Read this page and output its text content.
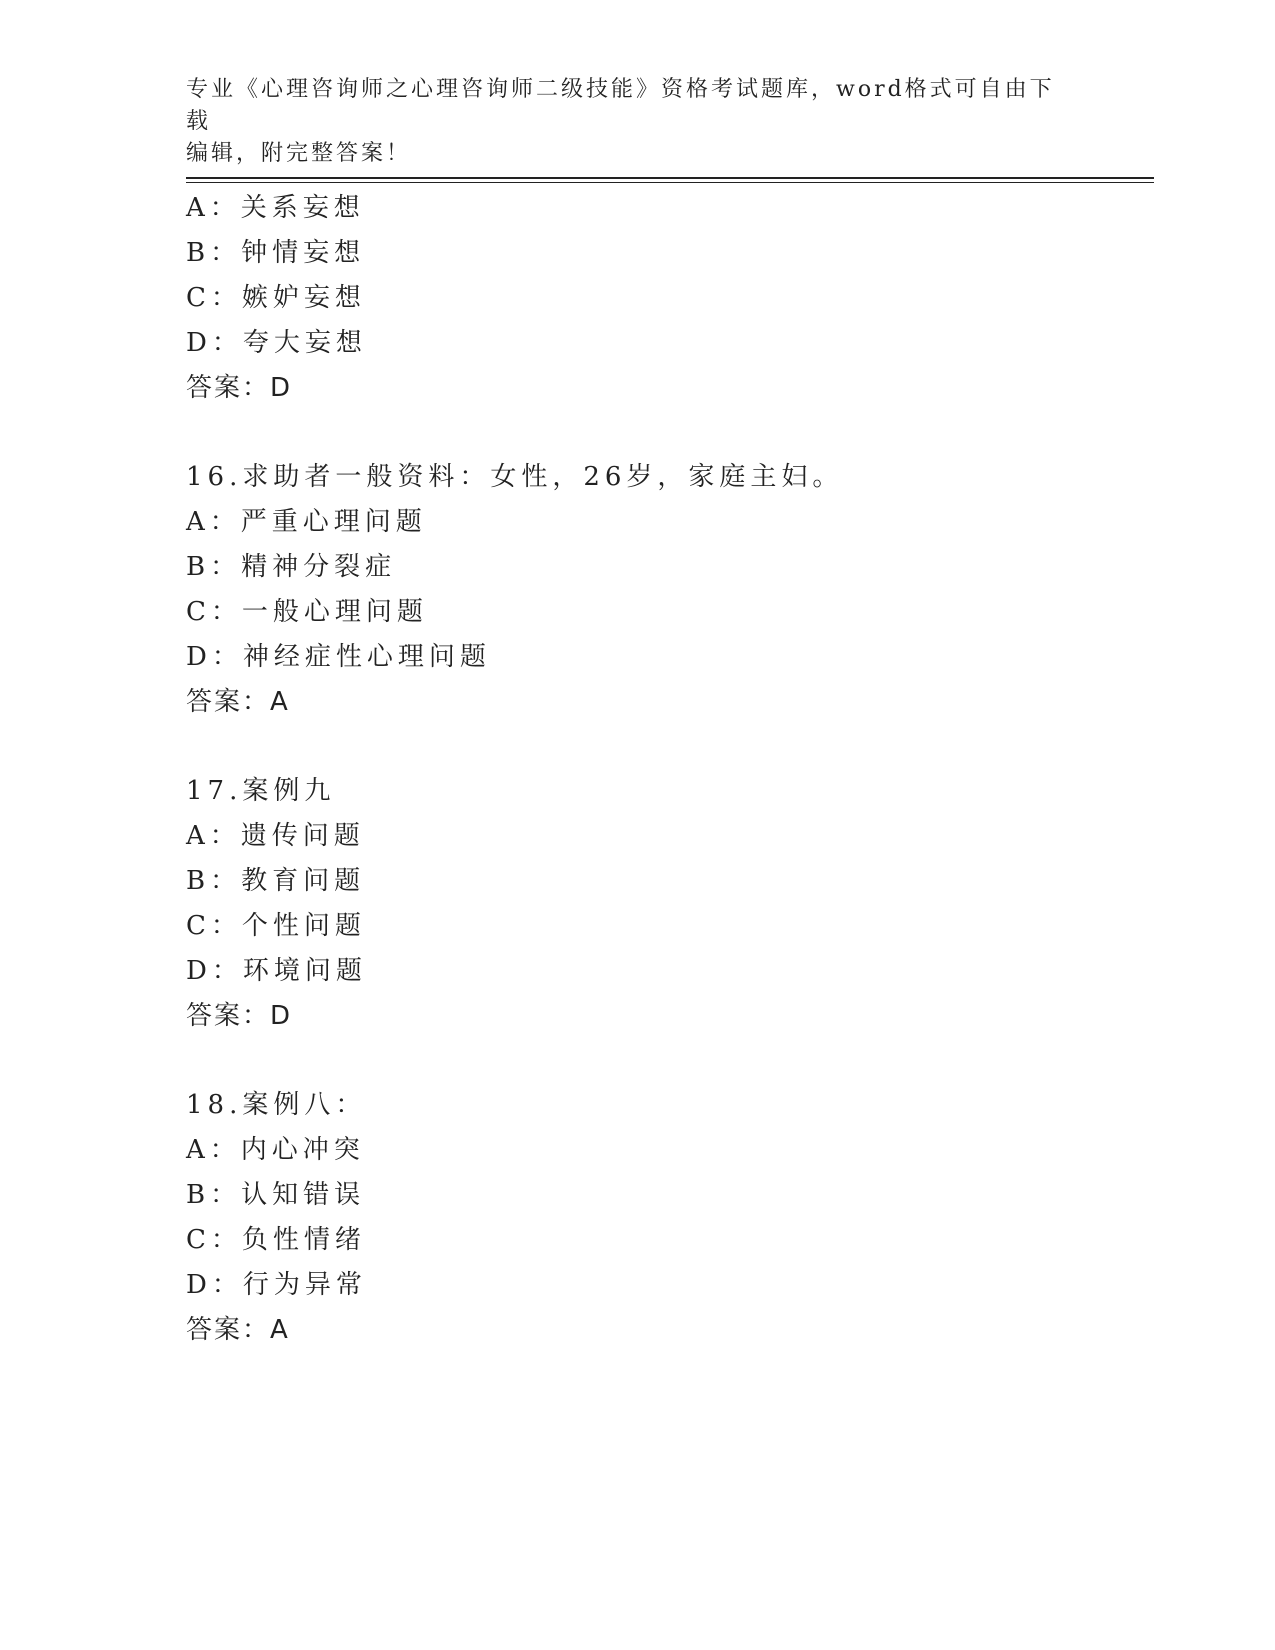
专业《心理咨询师之心理咨询师二级技能》资格考试题库，word格式可自由下载
编辑，附完整答案！
A：关系妄想
B：钟情妄想
C：嫉妒妄想
D：夸大妄想
答案：D
16.求助者一般资料：女性，26岁，家庭主妇。
A：严重心理问题
B：精神分裂症
C：一般心理问题
D：神经症性心理问题
答案：A
17.案例九
A：遗传问题
B：教育问题
C：个性问题
D：环境问题
答案：D
18.案例八：
A：内心冲突
B：认知错误
C：负性情绪
D：行为异常
答案：A
